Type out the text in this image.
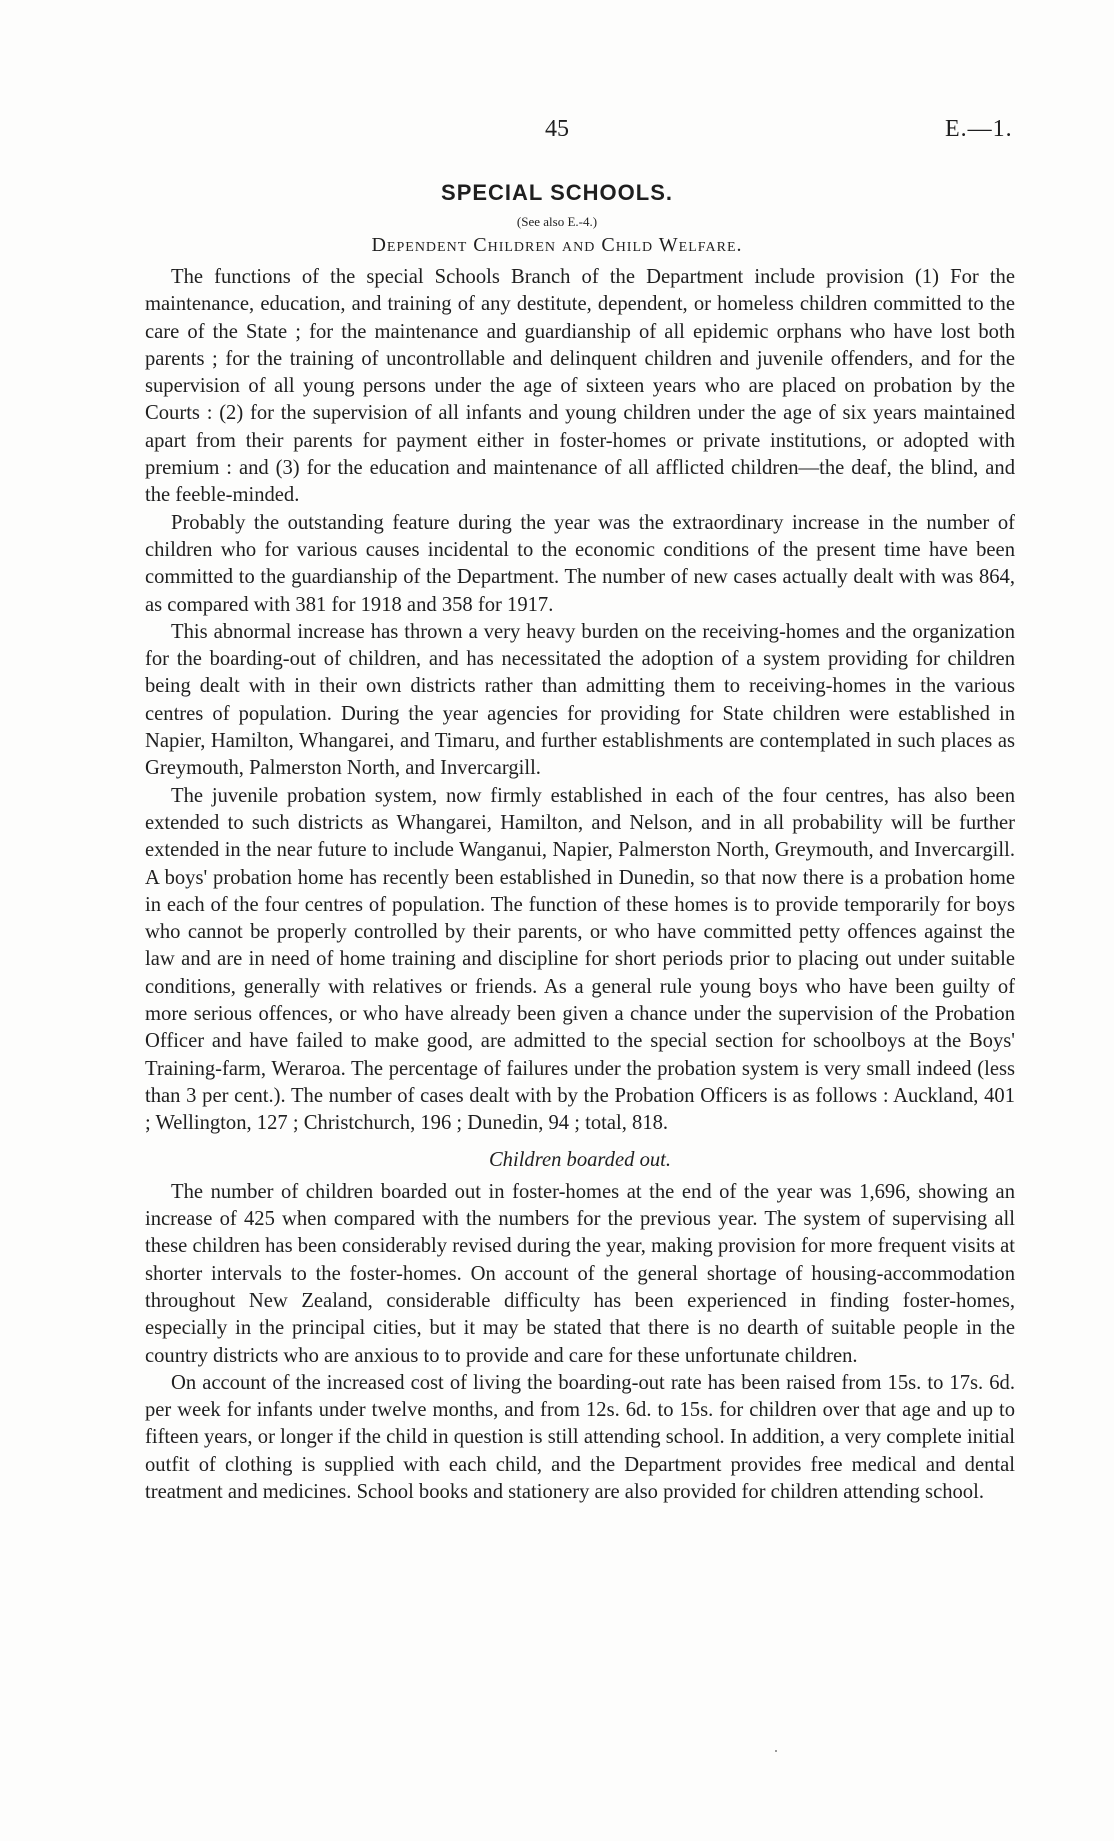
45	E.—1.
SPECIAL SCHOOLS.
(See also E.-4.)
Dependent Children and Child Welfare.

The functions of the special Schools Branch of the Department include provision (1) For the maintenance, education, and training of any destitute, dependent, or homeless children committed to the care of the State ; for the maintenance and guardianship of all epidemic orphans who have lost both parents ; for the training of uncontrollable and delinquent children and juvenile offenders, and for the supervision of all young persons under the age of sixteen years who are placed on probation by the Courts : (2) for the supervision of all infants and young children under the age of six years maintained apart from their parents for payment either in foster-homes or private institutions, or adopted with premium : and (3) for the education and maintenance of all afflicted children—the deaf, the blind, and the feeble-minded.

Probably the outstanding feature during the year was the extraordinary increase in the number of children who for various causes incidental to the economic conditions of the present time have been committed to the guardianship of the Department. The number of new cases actually dealt with was 864, as compared with 381 for 1918 and 358 for 1917.

This abnormal increase has thrown a very heavy burden on the receiving-homes and the organization for the boarding-out of children, and has necessitated the adoption of a system providing for children being dealt with in their own districts rather than admitting them to receiving-homes in the various centres of population. During the year agencies for providing for State children were established in Napier, Hamilton, Whangarei, and Timaru, and further establishments are contemplated in such places as Greymouth, Palmerston North, and Invercargill.

The juvenile probation system, now firmly established in each of the four centres, has also been extended to such districts as Whangarei, Hamilton, and Nelson, and in all probability will be further extended in the near future to include Wanganui, Napier, Palmerston North, Greymouth, and Invercargill. A boys' probation home has recently been established in Dunedin, so that now there is a probation home in each of the four centres of population. The function of these homes is to provide temporarily for boys who cannot be properly controlled by their parents, or who have committed petty offences against the law and are in need of home training and discipline for short periods prior to placing out under suitable conditions, generally with relatives or friends. As a general rule young boys who have been guilty of more serious offences, or who have already been given a chance under the supervision of the Probation Officer and have failed to make good, are admitted to the special section for schoolboys at the Boys' Training-farm, Weraroa. The percentage of failures under the probation system is very small indeed (less than 3 per cent.). The number of cases dealt with by the Probation Officers is as follows : Auckland, 401 ; Wellington, 127 ; Christchurch, 196 ; Dunedin, 94 ; total, 818.

Children boarded out.

The number of children boarded out in foster-homes at the end of the year was 1,696, showing an increase of 425 when compared with the numbers for the previous year. The system of supervising all these children has been considerably revised during the year, making provision for more frequent visits at shorter intervals to the foster-homes. On account of the general shortage of housing-accommodation throughout New Zealand, considerable difficulty has been experienced in finding foster-homes, especially in the principal cities, but it may be stated that there is no dearth of suitable people in the country districts who are anxious to to provide and care for these unfortunate children.

On account of the increased cost of living the boarding-out rate has been raised from 15s. to 17s. 6d. per week for infants under twelve months, and from 12s. 6d. to 15s. for children over that age and up to fifteen years, or longer if the child in question is still attending school. In addition, a very complete initial outfit of clothing is supplied with each child, and the Department provides free medical and dental treatment and medicines. School books and stationery are also provided for children attending school.
